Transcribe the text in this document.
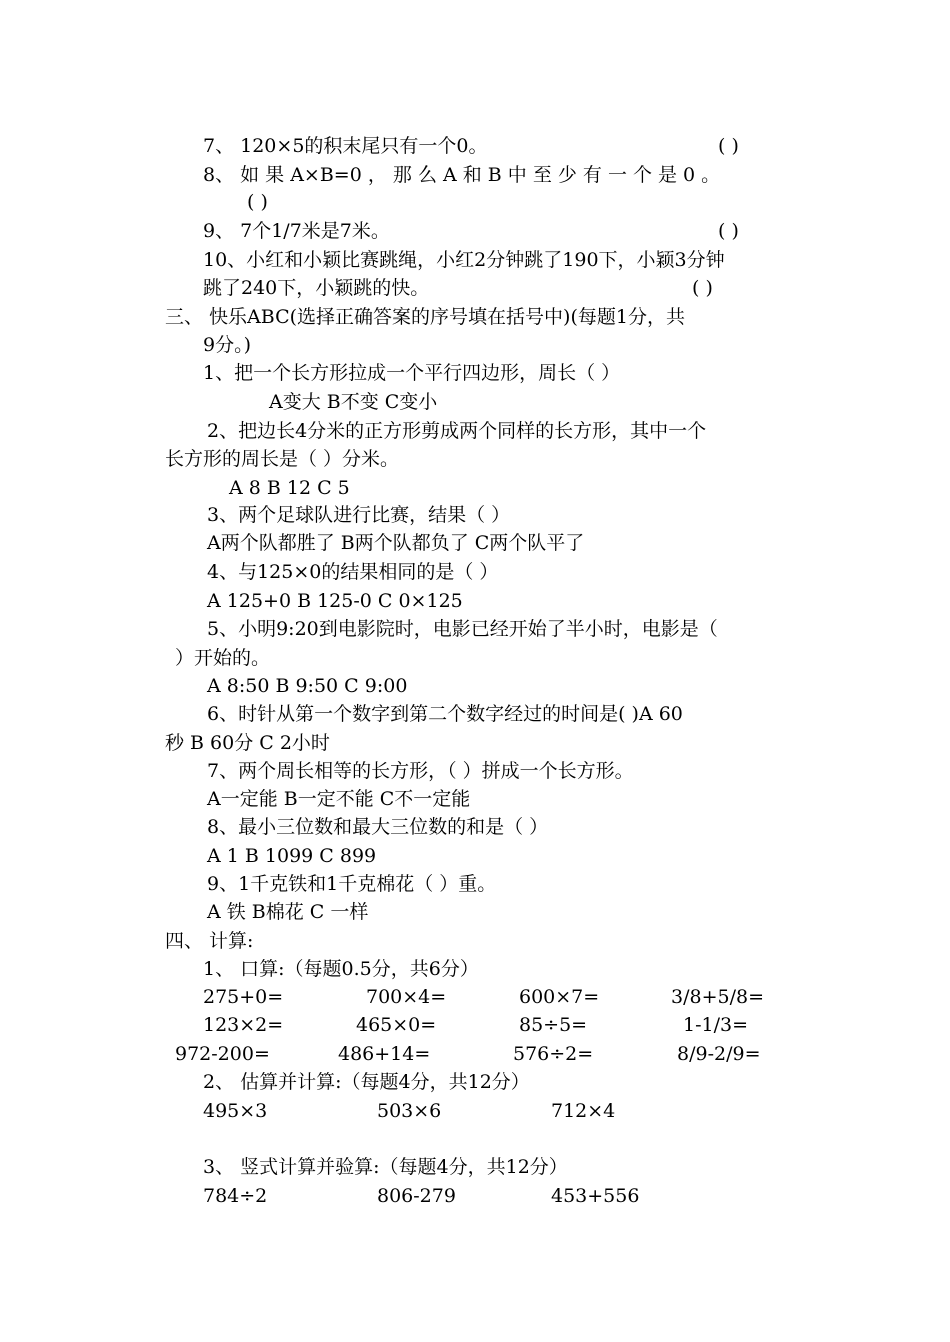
7、 120×5的积末尾只有一个0。	( )
8、 如 果 A×B=0 ， 那 么 A 和 B 中 至 少 有 一 个 是 0 。
( )
9、 7个1/7米是7米。	( )
10、小红和小颖比赛跳绳，小红2分钟跳了190下，小颖3分钟
跳了240下，小颖跳的快。	( )
三、 快乐ABC(选择正确答案的序号填在括号中)(每题1分，共
9分。)
1、把一个长方形拉成一个平行四边形，周长（ ）
A变大 B不变 C变小
2、把边长4分米的正方形剪成两个同样的长方形，其中一个
长方形的周长是（ ）分米。
A 8 B 12 C 5
3、两个足球队进行比赛，结果（ ）
A两个队都胜了 B两个队都负了 C两个队平了
4、与125×0的结果相同的是（ ）
A 125+0 B 125-0 C 0×125
5、小明9:20到电影院时，电影已经开始了半小时，电影是（
）开始的。
A 8:50 B 9:50 C 9:00
6、时针从第一个数字到第二个数字经过的时间是( )A 60
秒 B 60分 C 2小时
7、两个周长相等的长方形，（ ）拼成一个长方形。
A一定能 B一定不能 C不一定能
8、最小三位数和最大三位数的和是（ ）
A 1 B 1099 C 899
9、1千克铁和1千克棉花（ ）重。
A 铁 B棉花 C 一样
四、 计算:
1、 口算:（每题0.5分，共6分）
275+0=	700×4=	600×7=	3/8+5/8=
123×2=	465×0=	85÷5=	1-1/3=
972-200=	486+14=	576÷2=	8/9-2/9=
2、 估算并计算:（每题4分，共12分）
495×3	503×6	712×4
3、 竖式计算并验算:（每题4分，共12分）
784÷2	806-279	453+556
